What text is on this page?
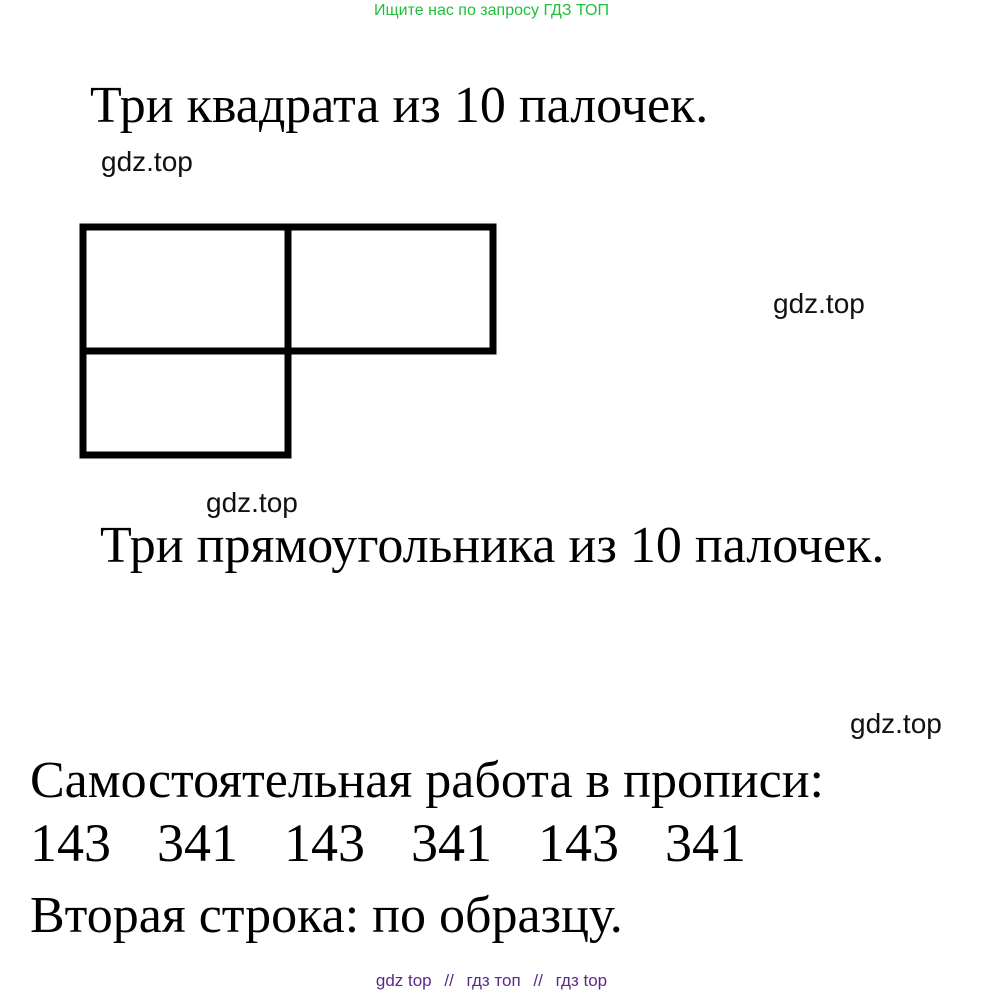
Ищите нас по запросу ГДЗ ТОП
Три квадрата из 10 палочек.
gdz.top
gdz.top
gdz.top
Три прямоугольника из 10 палочек.
gdz.top
Самостоятельная работа в прописи:
143 341 143 341 143 341
Вторая строка: по образцу.
gdz top // гдз топ // гдз top
